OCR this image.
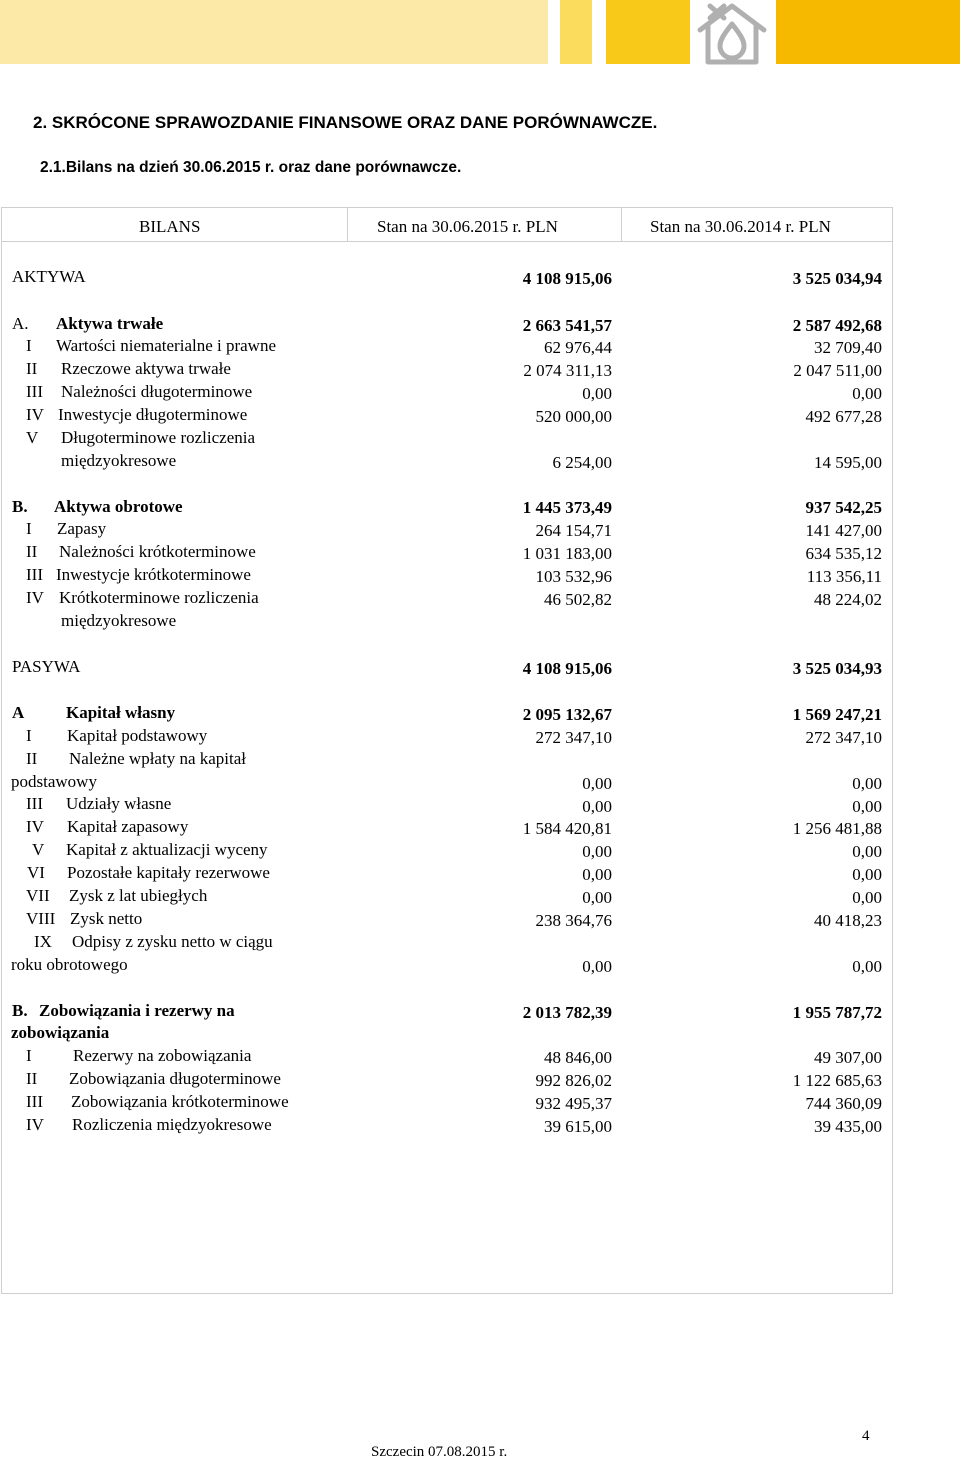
2. SKRÓCONE SPRAWOZDANIE FINANSOWE ORAZ DANE PORÓWNAWCZE.
2.1.Bilans na dzień 30.06.2015 r. oraz dane porównawcze.
BILANS	Stan na 30.06.2015 r. PLN	Stan na 30.06.2014 r. PLN
AKTYWA	4 108 915,06	3 525 034,94
A. Aktywa trwałe	2 663 541,57	2 587 492,68
I Wartości niematerialne i prawne	62 976,44	32 709,40
II Rzeczowe aktywa trwałe	2 074 311,13	2 047 511,00
III Należności długoterminowe	0,00	0,00
IV Inwestycje długoterminowe	520 000,00	492 677,28
V Długoterminowe rozliczenia
międzyokresowe	6 254,00	14 595,00
B. Aktywa obrotowe	1 445 373,49	937 542,25
I Zapasy	264 154,71	141 427,00
II Należności krótkoterminowe	1 031 183,00	634 535,12
III Inwestycje krótkoterminowe	103 532,96	113 356,11
IV Krótkoterminowe rozliczenia
międzyokresowe
46 502,82	48 224,02
PASYWA	4 108 915,06	3 525 034,93
A Kapitał własny	2 095 132,67	1 569 247,21
I Kapitał podstawowy	272 347,10	272 347,10
II Należne wpłaty na kapitał
podstawowy	0,00	0,00
III Udziały własne	0,00	0,00
IV Kapitał zapasowy	1 584 420,81	1 256 481,88
V Kapitał z aktualizacji wyceny	0,00	0,00
VI Pozostałe kapitały rezerwowe	0,00	0,00
VII Zysk z lat ubiegłych	0,00	0,00
VIII Zysk netto	238 364,76	40 418,23
IX Odpisy z zysku netto w ciągu
roku obrotowego	0,00	0,00
B. Zobowiązania i rezerwy na
zobowiązania
2 013 782,39	1 955 787,72
I Rezerwy na zobowiązania	48 846,00	49 307,00
II Zobowiązania długoterminowe	992 826,02	1 122 685,63
III Zobowiązania krótkoterminowe	932 495,37	744 360,09
IV Rozliczenia międzyokresowe	39 615,00	39 435,00
4
Szczecin 07.08.2015 r.
